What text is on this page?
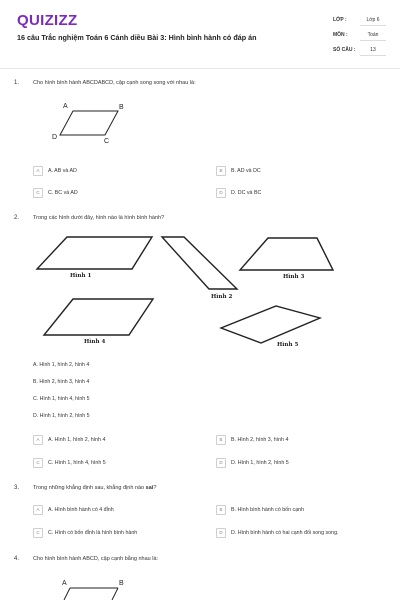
QUIZIZZ
16 câu Trắc nghiệm Toán 6 Cánh diều Bài 3: Hình bình hành có đáp án
LỚP :	Lớp 6
MÔN :	Toán
SỐ CÂU :	13
A	B
C
D
Hình 1
Hình 2
Hình 3
Hình 4	Hình 5
A	B
1.	Cho hình bình hành ABCDABCD, cặp cạnh song song với nhau là:
A	A. AB và AD	B	B. AD và DC
C	C. BC và AD	D	D. DC và BC
2.	Trong các hình dưới đây, hình nào là hình bình hành?
A. Hình 1, hình 2, hình 4
B. Hình 2, hình 3, hình 4
C. Hình 1, hình 4, hình 5
D. Hình 1, hình 2, hình 5
A	A. Hình 1, hình 2, hình 4	B	B. Hình 2, hình 3, hình 4
C	C. Hình 1, hình 4, hình 5	D	D. Hình 1, hình 2, hình 5
3.	Trong những khẳng định sau, khẳng định nào sai?
A	A. Hình bình hành có 4 đỉnh	B	B. Hình bình hành có bốn cạnh
C	C. Hình có bốn đỉnh là hình bình hành	D	D. Hình bình hành có hai cạnh đối song song.
4.	Cho hình bình hành ABCD, cặp cạnh bằng nhau là:
